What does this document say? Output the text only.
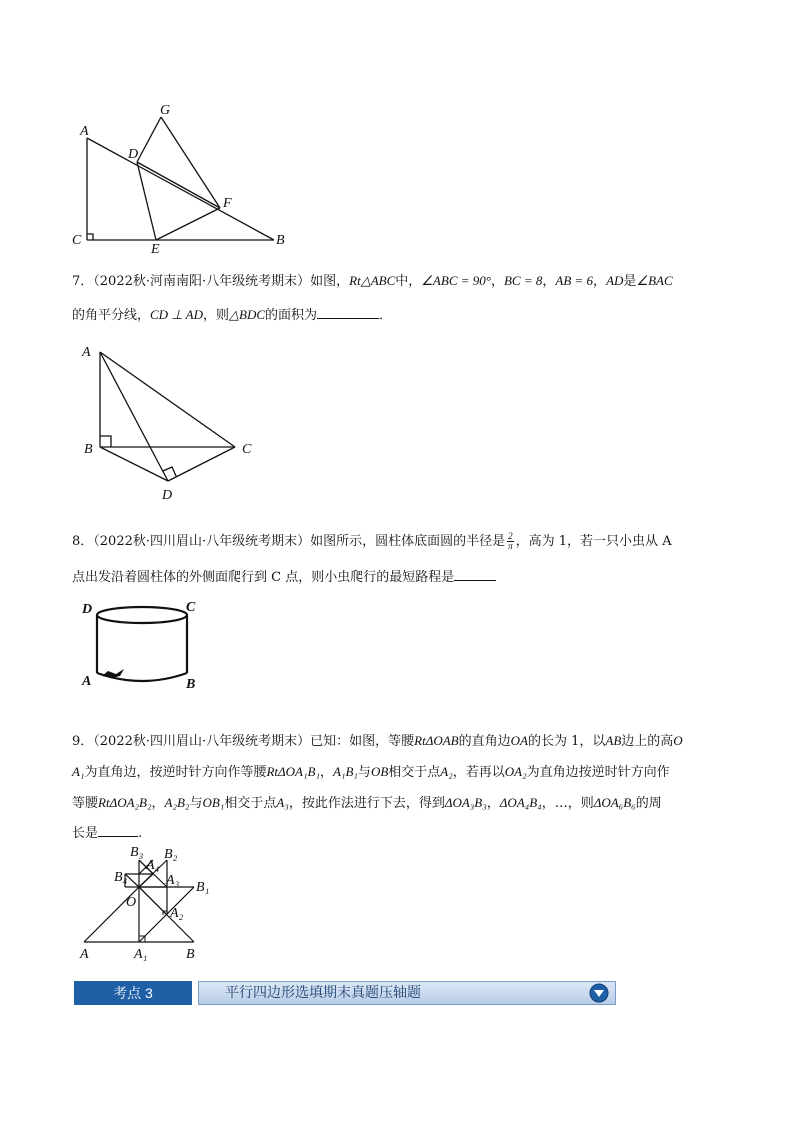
A
G
D
F
C
E
B
7．（2022秋·河南南阳·八年级统考期末）如图，Rt△ABC中，∠ABC = 90°，BC = 8，AB = 6，AD是∠BAC
的角平分线，CD ⊥ AD，则△BDC的面积为	．
A
B	C
D
8．（2022秋·四川眉山·八年级统考期末）如图所示，圆柱体底面圆的半径是 $\frac{2}{\pi}$ ，高为 1，若一只小虫从 A
点出发沿着圆柱体的外侧面爬行到 C 点，则小虫爬行的最短路程是
D	C
A	B
9．（2022秋·四川眉山·八年级统考期末）已知：如图，等腰RtΔOAB的直角边OA的长为 1，以AB边上的高O
A₁为直角边，按逆时针方向作等腰RtΔOA₁B₁，A₁B₁与OB相交于点A₂，若再以OA₂为直角边按逆时针方向作
等腰RtΔOA₂B₂，A₂B₂与OB₁相交于点A₃，按此作法进行下去，得到ΔOA₃B₃，ΔOA₄B₄，…，则ΔOA₆B₆的周
长是	.
B₃
A₄
B₂
B₄	A₃ B₁
O
A₂
A	A₁	B
考点 3	平行四边形选填期末真题压轴题
